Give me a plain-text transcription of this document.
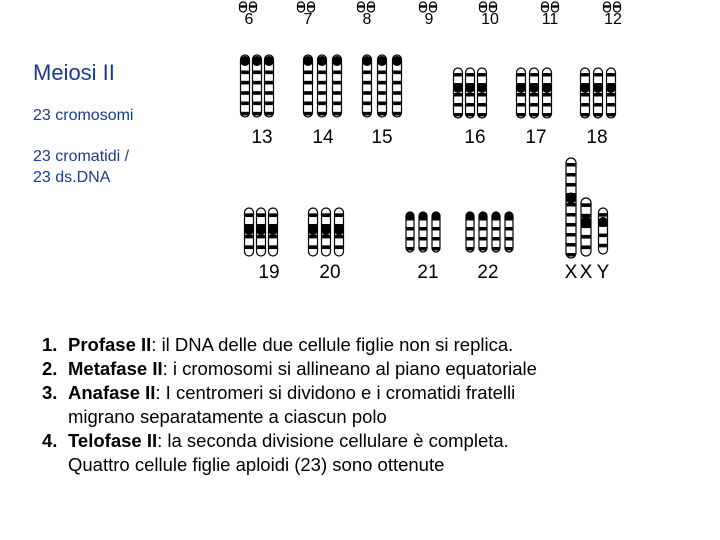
Meiosi II
23 cromosomi
23 cromatidi /
23 ds.DNA
6	7	8	9	10	11	12
13 14 15	16 17 18
19 20	21 22	X X Y
1. Profase II: il DNA delle due cellule figlie non si replica.
2. Metafase II: i cromosomi si allineano al piano equatoriale
3. Anafase II: I centromeri si dividono e i cromatidi fratelli
migrano separatamente a ciascun polo
4. Telofase II: la seconda divisione cellulare è completa.
Quattro cellule figlie aploidi (23) sono ottenute
